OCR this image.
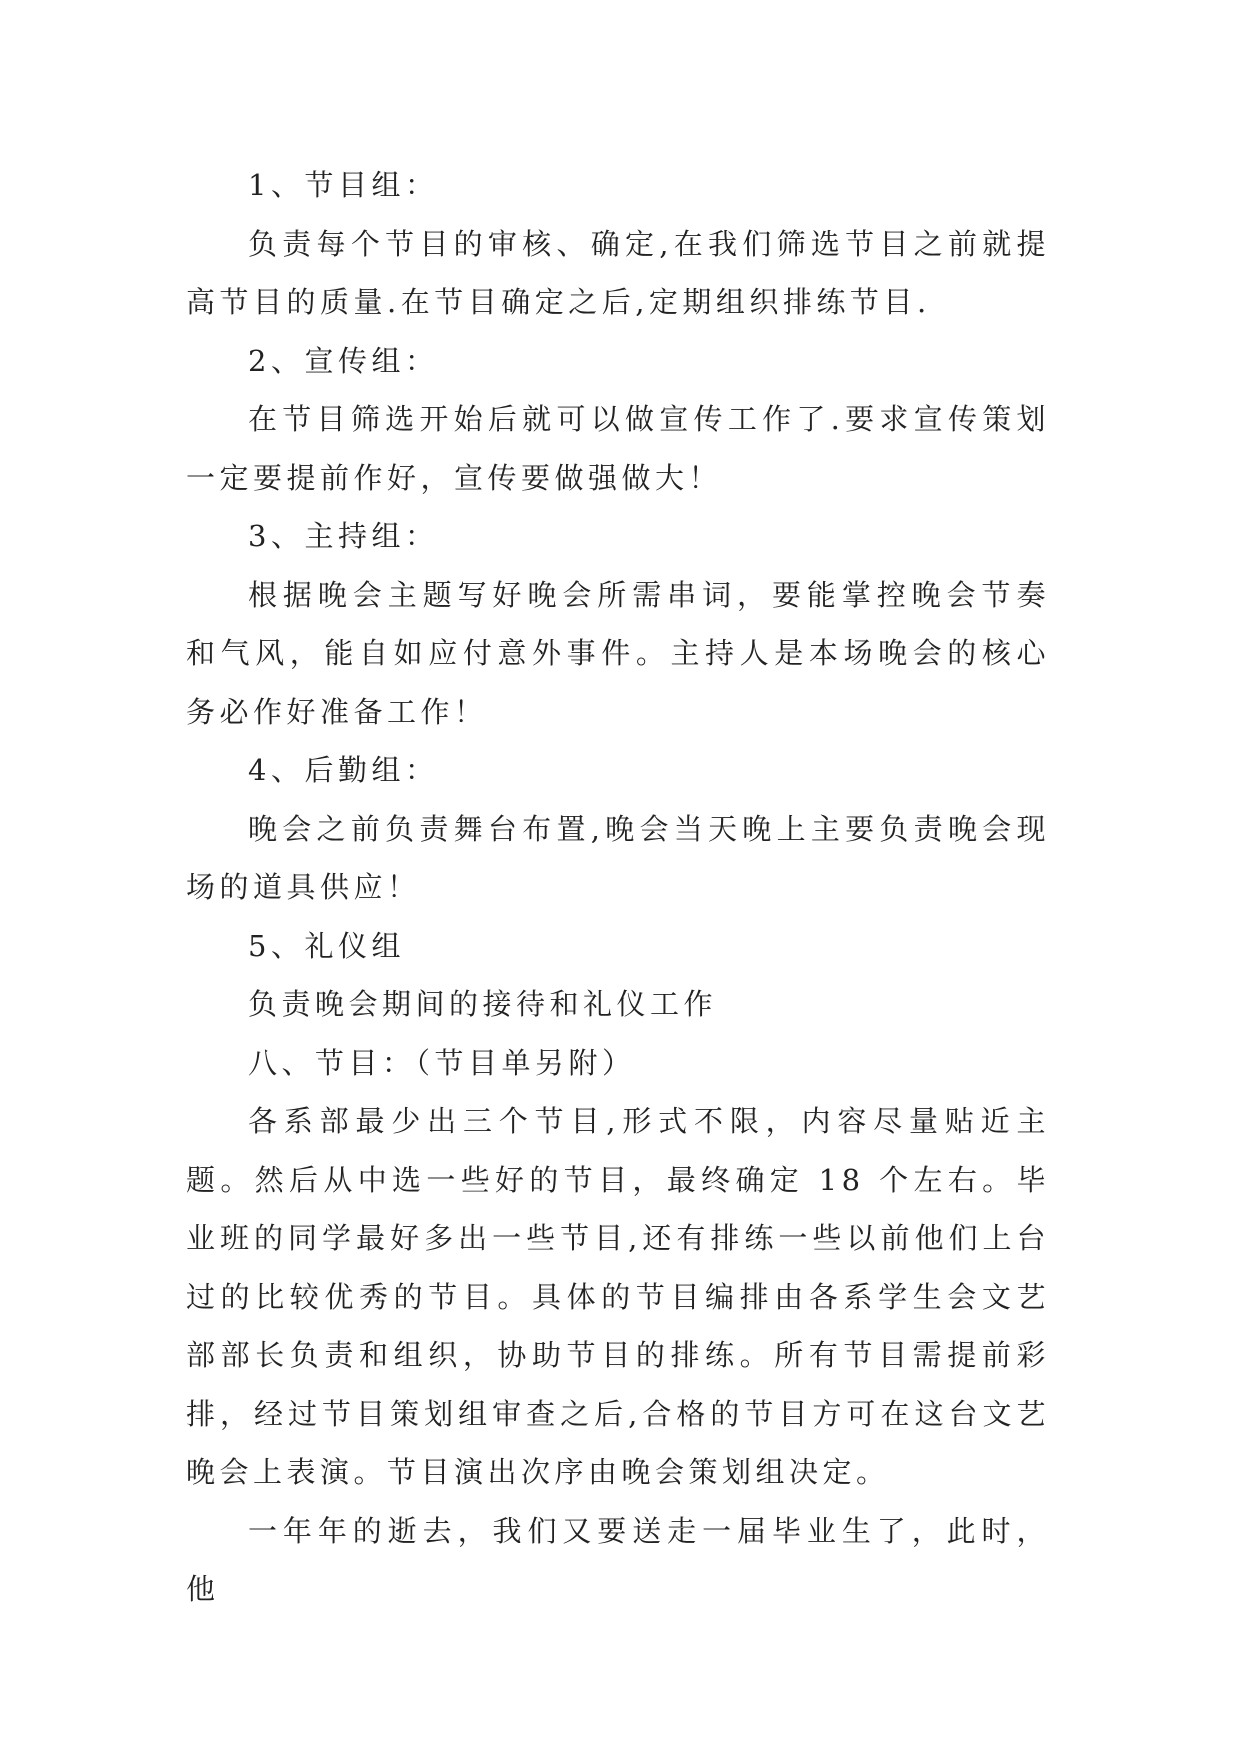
1、节目组：

负责每个节目的审核、确定,在我们筛选节目之前就提高节目的质量.在节目确定之后,定期组织排练节目.

2、宣传组：

在节目筛选开始后就可以做宣传工作了.要求宣传策划一定要提前作好，宣传要做强做大！

3、主持组：

根据晚会主题写好晚会所需串词，要能掌控晚会节奏和气风，能自如应付意外事件。主持人是本场晚会的核心务必作好准备工作！

4、后勤组：

晚会之前负责舞台布置,晚会当天晚上主要负责晚会现场的道具供应！

5、礼仪组

负责晚会期间的接待和礼仪工作

八、节目：（节目单另附）

各系部最少出三个节目,形式不限，内容尽量贴近主题。然后从中选一些好的节目，最终确定 18 个左右。毕业班的同学最好多出一些节目,还有排练一些以前他们上台过的比较优秀的节目。具体的节目编排由各系学生会文艺部部长负责和组织，协助节目的排练。所有节目需提前彩排，经过节目策划组审查之后,合格的节目方可在这台文艺晚会上表演。节目演出次序由晚会策划组决定。

一年年的逝去，我们又要送走一届毕业生了，此时，他
